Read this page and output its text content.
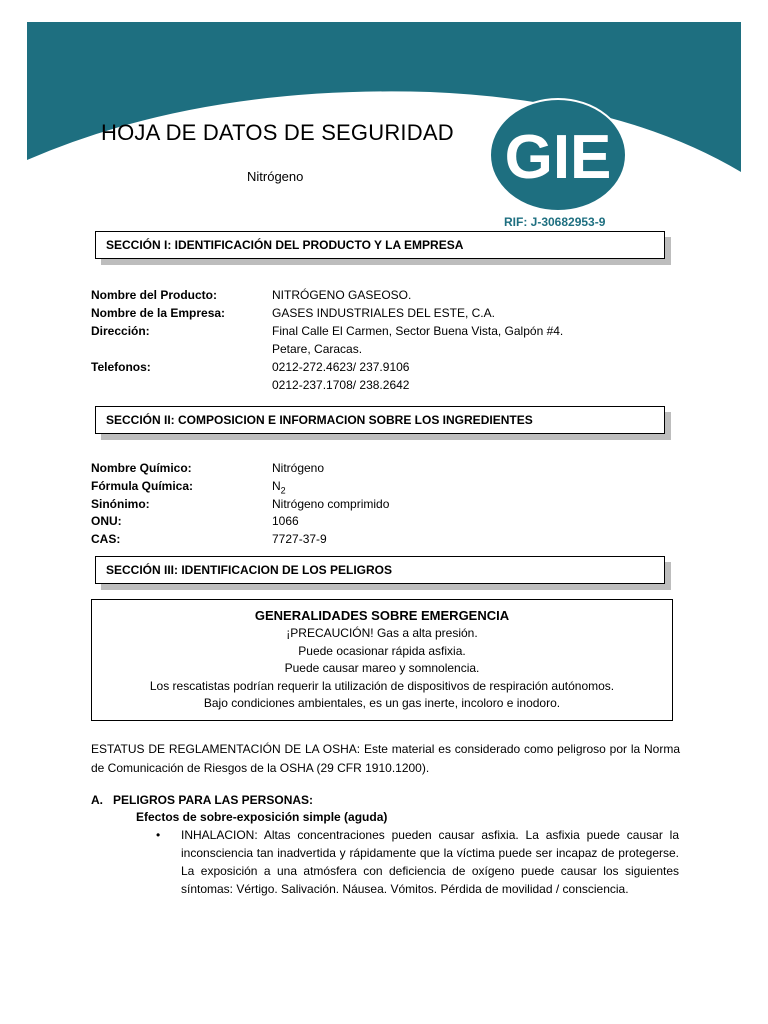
HOJA DE DATOS DE SEGURIDAD
Nitrógeno	GIE
RIF: J-30682953-9
SECCIÓN I: IDENTIFICACIÓN DEL PRODUCTO Y LA EMPRESA
Nombre del Producto:	NITRÓGENO GASEOSO.
Nombre de la Empresa:	GASES INDUSTRIALES DEL ESTE, C.A.
Dirección:	Final Calle El Carmen, Sector Buena Vista, Galpón #4.
Petare, Caracas.
Telefonos:	0212-272.4623/ 237.9106
0212-237.1708/ 238.2642
SECCIÓN II: COMPOSICION E INFORMACION SOBRE LOS INGREDIENTES
Nombre Químico:	Nitrógeno
Fórmula Química:	$N_2$
Sinónimo:	Nitrógeno comprimido
ONU:	1066
CAS:	7727-37-9
SECCIÓN III: IDENTIFICACION DE LOS PELIGROS
GENERALIDADES SOBRE EMERGENCIA
¡PRECAUCIÓN! Gas a alta presión.
Puede ocasionar rápida asfixia.
Puede causar mareo y somnolencia.
Los rescatistas podrían requerir la utilización de dispositivos de respiración autónomos.
Bajo condiciones ambientales, es un gas inerte, incoloro e inodoro.
ESTATUS DE REGLAMENTACIÓN DE LA OSHA: Este material es considerado como peligroso por la Norma de Comunicación de Riesgos de la OSHA (29 CFR 1910.1200).
A. PELIGROS PARA LAS PERSONAS:
Efectos de sobre-exposición simple (aguda)
• INHALACION: Altas concentraciones pueden causar asfixia. La asfixia puede causar la inconsciencia tan inadvertida y rápidamente que la víctima puede ser incapaz de protegerse. La exposición a una atmósfera con deficiencia de oxígeno puede causar los siguientes síntomas: Vértigo. Salivación. Náusea. Vómitos. Pérdida de movilidad / consciencia.
